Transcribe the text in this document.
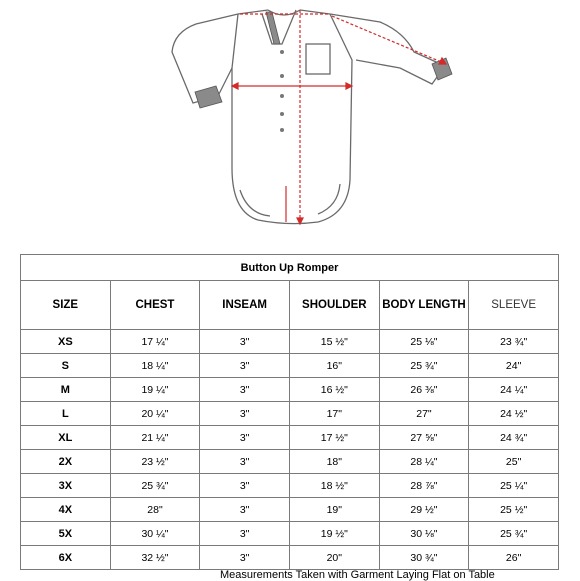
Button Up Romper					
SIZE	CHEST	INSEAM	SHOULDER	BODY LENGTH	SLEEVE
XS	17 ¼"	3"	15 ½"	25 ⅛"	23 ¾"
S	18 ¼"	3"	16"	25 ¾"	24"
M	19 ¼"	3"	16 ½"	26 ⅜"	24 ¼"
L	20 ¼"	3"	17"	27"	24 ½"
XL	21 ¼"	3"	17 ½"	27 ⅝"	24 ¾"
2X	23 ½"	3"	18"	28 ¼"	25"
3X	25 ¾"	3"	18 ½"	28 ⅞"	25 ¼"
4X	28"	3"	19"	29 ½"	25 ½"
5X	30 ¼"	3"	19 ½"	30 ⅛"	25 ¾"
6X	32 ½"	3"	20"	30 ¾"	26"
Measurements Taken with Garment Laying Flat on Table
